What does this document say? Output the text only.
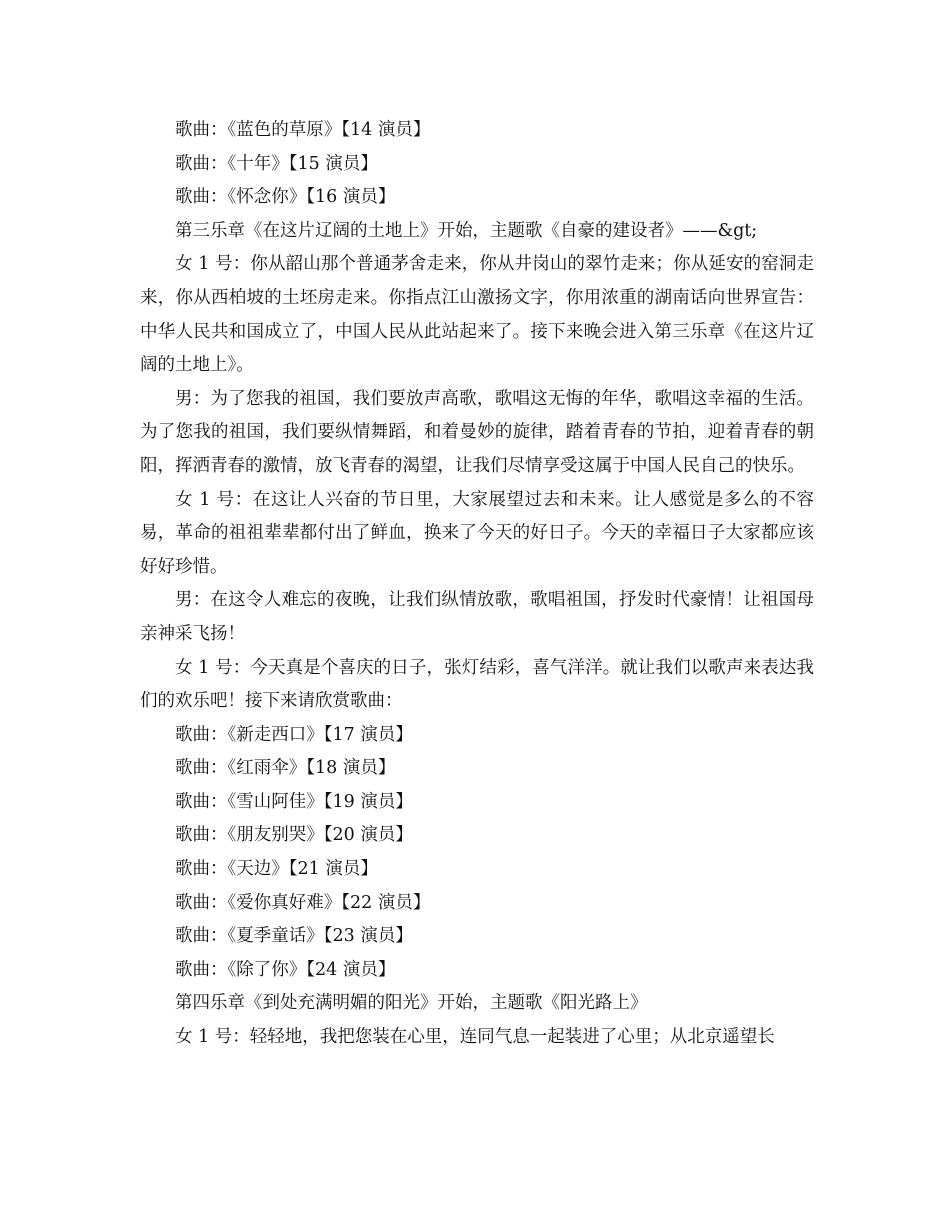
歌曲：《蓝色的草原》【14 演员】
歌曲：《十年》【15 演员】
歌曲：《怀念你》【16 演员】
第三乐章《在这片辽阔的土地上》开始，主题歌《自豪的建设者》——&gt;

女 1 号：你从韶山那个普通茅舍走来，你从井岗山的翠竹走来；你从延安的窑洞走来，你从西柏坡的土坯房走来。你指点江山激扬文字，你用浓重的湖南话向世界宣告：中华人民共和国成立了，中国人民从此站起来了。接下来晚会进入第三乐章《在这片辽阔的土地上》。

男：为了您我的祖国，我们要放声高歌，歌唱这无悔的年华，歌唱这幸福的生活。为了您我的祖国，我们要纵情舞蹈，和着曼妙的旋律，踏着青春的节拍，迎着青春的朝阳，挥洒青春的激情，放飞青春的渴望，让我们尽情享受这属于中国人民自己的快乐。

女 1 号：在这让人兴奋的节日里，大家展望过去和未来。让人感觉是多么的不容易，革命的祖祖辈辈都付出了鲜血，换来了今天的好日子。今天的幸福日子大家都应该好好珍惜。

男：在这令人难忘的夜晚，让我们纵情放歌，歌唱祖国，抒发时代豪情！让祖国母亲神采飞扬！

女 1 号：今天真是个喜庆的日子，张灯结彩，喜气洋洋。就让我们以歌声来表达我们的欢乐吧！接下来请欣赏歌曲：

歌曲：《新走西口》【17 演员】
歌曲：《红雨伞》【18 演员】
歌曲：《雪山阿佳》【19 演员】
歌曲：《朋友别哭》【20 演员】
歌曲：《天边》【21 演员】
歌曲：《爱你真好难》【22 演员】
歌曲：《夏季童话》【23 演员】
歌曲：《除了你》【24 演员】
第四乐章《到处充满明媚的阳光》开始，主题歌《阳光路上》
女 1 号：轻轻地，我把您装在心里，连同气息一起装进了心里；从北京遥望长
